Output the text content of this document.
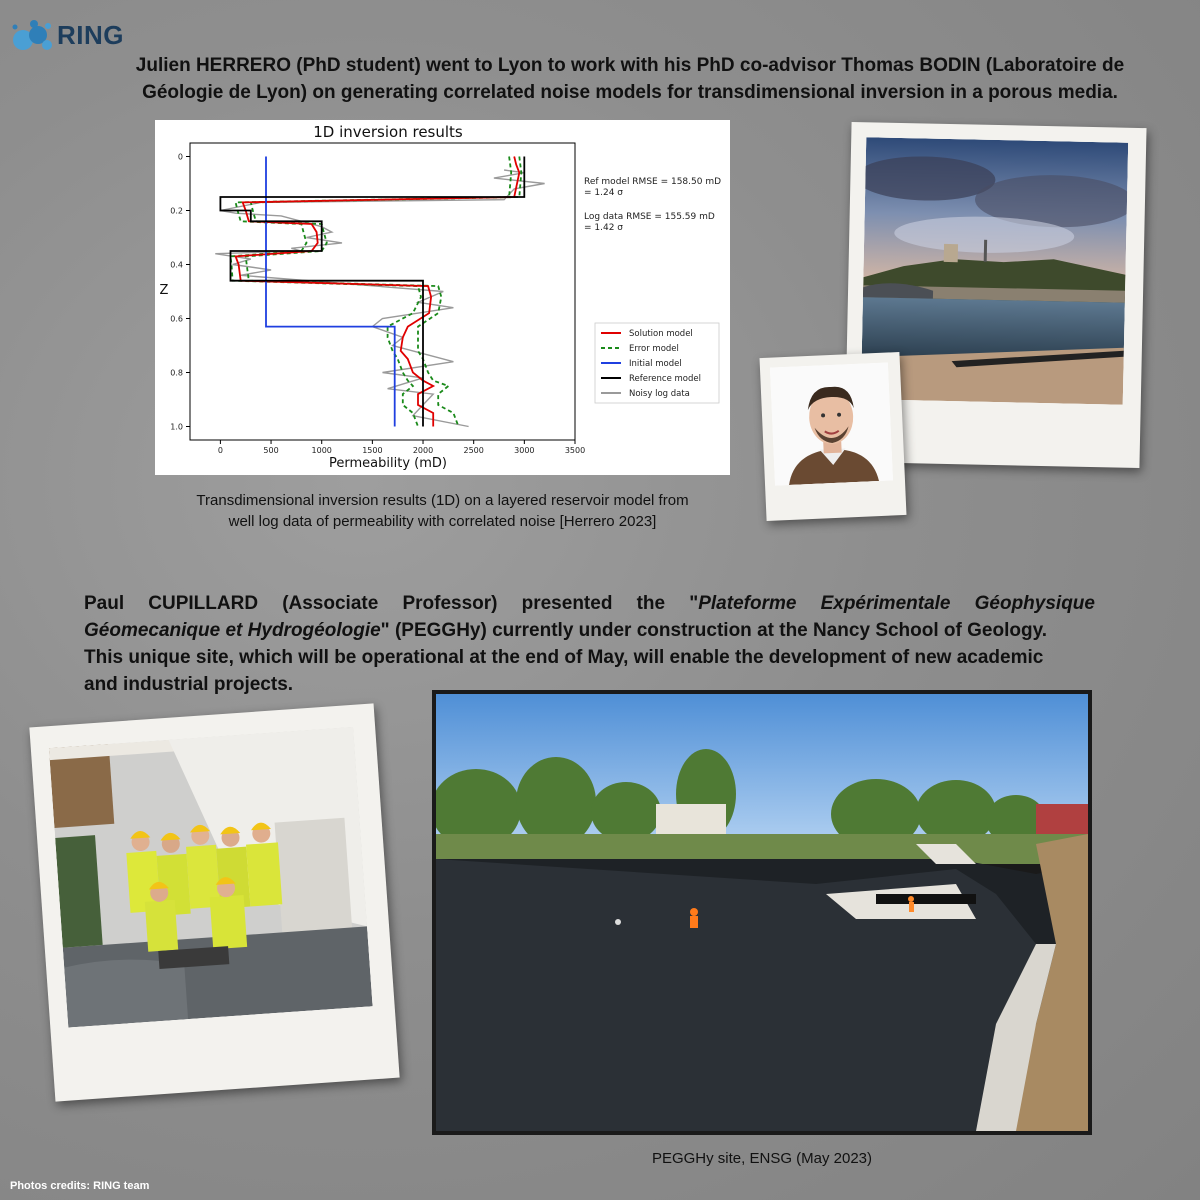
RING
Julien HERRERO (PhD student) went to Lyon to work with his PhD co-advisor Thomas BODIN (Laboratoire de
Géologie de Lyon) on generating correlated noise models for transdimensional inversion in a porous media.
1D inversion results
0	500	1000	1500	2000	2500	3000	3500
0
0.2
0.4
0.6
0.8
1.0
Permeability (mD)
Z
Ref model RMSE = 158.50 mD
= 1.24 σ
Log data RMSE = 155.59 mD
= 1.42 σ
Solution model
Error model
Initial model
Reference model
Noisy log data
Transdimensional inversion results (1D) on a layered reservoir model from
well log data of permeability with correlated noise [Herrero 2023]
Paul CUPILLARD (Associate Professor) presented the "Plateforme Expérimentale Géophysique
Géomecanique et Hydrogéologie" (PEGGHy) currently under construction at the Nancy School of Geology.
This unique site, which will be operational at the end of May, will enable the development of new academic
and industrial projects.
PEGGHy site, ENSG (May 2023)
Photos credits: RING team
